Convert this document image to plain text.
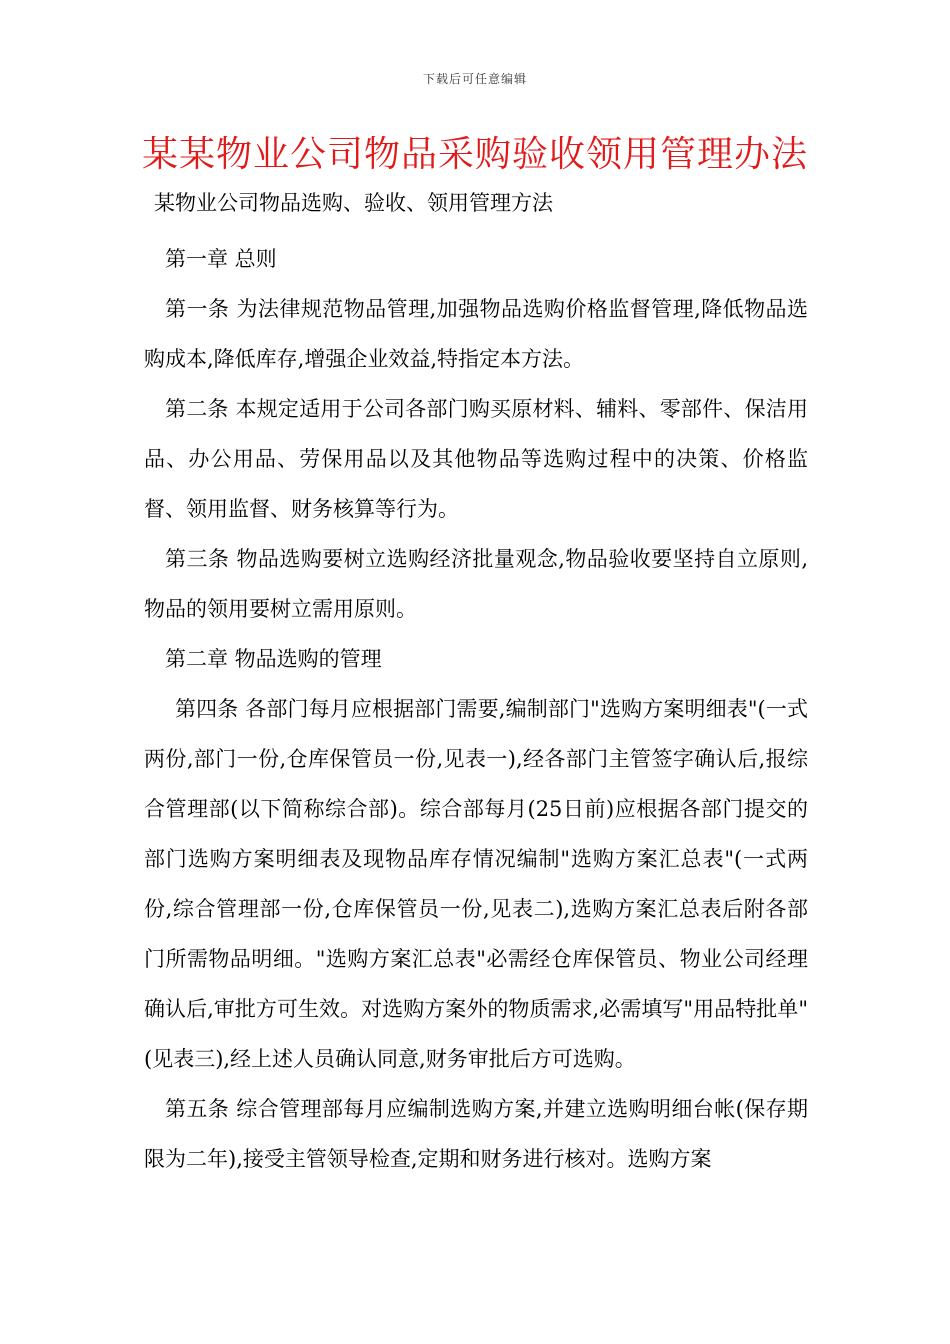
下载后可任意编辑
某某物业公司物品采购验收领用管理办法
某物业公司物品选购、验收、领用管理方法

第一章 总则

第一条 为法律规范物品管理,加强物品选购价格监督管理,降低物品选购成本,降低库存,增强企业效益,特指定本方法。

第二条 本规定适用于公司各部门购买原材料、辅料、零部件、保洁用品、办公用品、劳保用品以及其他物品等选购过程中的决策、价格监督、领用监督、财务核算等行为。

第三条 物品选购要树立选购经济批量观念,物品验收要坚持自立原则,物品的领用要树立需用原则。

第二章 物品选购的管理

第四条 各部门每月应根据部门需要,编制部门"选购方案明细表"(一式两份,部门一份,仓库保管员一份,见表一),经各部门主管签字确认后,报综合管理部(以下简称综合部)。综合部每月(25日前)应根据各部门提交的部门选购方案明细表及现物品库存情况编制"选购方案汇总表"(一式两份,综合管理部一份,仓库保管员一份,见表二),选购方案汇总表后附各部门所需物品明细。"选购方案汇总表"必需经仓库保管员、物业公司经理确认后,审批方可生效。对选购方案外的物质需求,必需填写"用品特批单"(见表三),经上述人员确认同意,财务审批后方可选购。

第五条 综合管理部每月应编制选购方案,并建立选购明细台帐(保存期限为二年),接受主管领导检查,定期和财务进行核对。选购方案
